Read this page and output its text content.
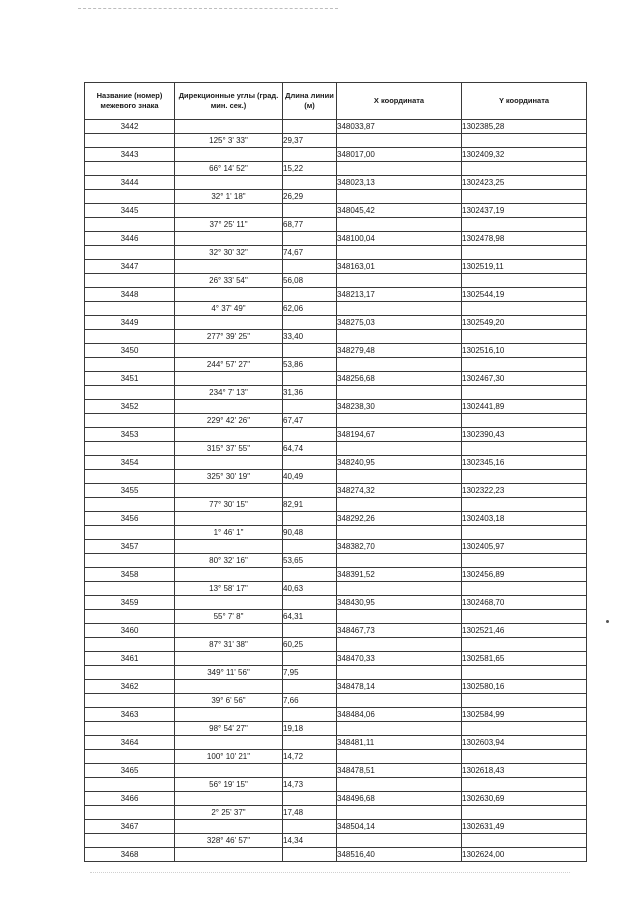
Название (номер) межевого знака	Дирекционные углы (град. мин. сек.)	Длина линии (м)	X координата	Y координата
3442			348033,87	1302385,28
	125° 3' 33"	29,37		
3443			348017,00	1302409,32
	66° 14' 52"	15,22		
3444			348023,13	1302423,25
	32° 1' 18"	26,29		
3445			348045,42	1302437,19
	37° 25' 11"	68,77		
3446			348100,04	1302478,98
	32° 30' 32"	74,67		
3447			348163,01	1302519,11
	26° 33' 54"	56,08		
3448			348213,17	1302544,19
	4° 37' 49"	62,06		
3449			348275,03	1302549,20
	277° 39' 25"	33,40		
3450			348279,48	1302516,10
	244° 57' 27"	53,86		
3451			348256,68	1302467,30
	234° 7' 13"	31,36		
3452			348238,30	1302441,89
	229° 42' 26"	67,47		
3453			348194,67	1302390,43
	315° 37' 55"	64,74		
3454			348240,95	1302345,16
	325° 30' 19"	40,49		
3455			348274,32	1302322,23
	77° 30' 15"	82,91		
3456			348292,26	1302403,18
	1° 46' 1"	90,48		
3457			348382,70	1302405,97
	80° 32' 16"	53,65		
3458			348391,52	1302456,89
	13° 58' 17"	40,63		
3459			348430,95	1302468,70
	55° 7' 8"	64,31		
3460			348467,73	1302521,46
	87° 31' 38"	60,25		
3461			348470,33	1302581,65
	349° 11' 56"	7,95		
3462			348478,14	1302580,16
	39° 6' 56"	7,66		
3463			348484,06	1302584,99
	98° 54' 27"	19,18		
3464			348481,11	1302603,94
	100° 10' 21"	14,72		
3465			348478,51	1302618,43
	56° 19' 15"	14,73		
3466			348496,68	1302630,69
	2° 25' 37"	17,48		
3467			348504,14	1302631,49
	328° 46' 57"	14,34		
3468			348516,40	1302624,00
